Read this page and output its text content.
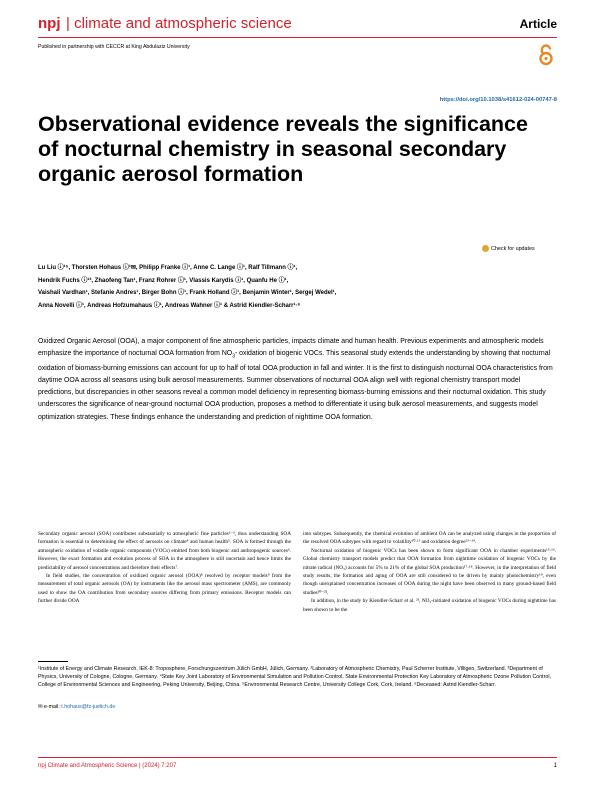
npj | climate and atmospheric science	Article
Published in partnership with CECCR at King Abdulaziz University
https://doi.org/10.1038/s41612-024-00747-8
Observational evidence reveals the significance of nocturnal chemistry in seasonal secondary organic aerosol formation
Check for updates
Lu Liu ⓘ¹⁵, Thorsten Hohaus ⓘ¹✉, Philipp Franke ⓘ¹, Anne C. Lange ⓘ¹, Ralf Tillmann ⓘ¹,
Hendrik Fuchs ⓘ¹³, Zhaofeng Tan¹, Franz Rohrer ⓘ¹, Vlassis Karydis ⓘ¹, Quanfu He ⓘ¹,
Vaishali Vardhan¹, Stefanie Andres¹, Birger Bohn ⓘ¹, Frank Holland ⓘ¹, Benjamin Winter¹, Sergej Wedel¹,
Anna Novelli ⓘ¹, Andreas Hofzumahaus ⓘ¹, Andreas Wahner ⓘ¹ & Astrid Kiendler-Scharr¹·⁶

Oxidized Organic Aerosol (OOA), a major component of fine atmospheric particles, impacts climate and human health. Previous experiments and atmospheric models emphasize the importance of nocturnal OOA formation from $NO_3-$ oxidation of biogenic VOCs. This seasonal study extends the understanding by showing that nocturnal oxidation of biomass-burning emissions can account for up to half of total OOA production in fall and winter. It is the first to distinguish nocturnal OOA characteristics from daytime OOA across all seasons using bulk aerosol measurements. Summer observations of nocturnal OOA align well with regional chemistry transport model predictions, but discrepancies in other seasons reveal a common model deficiency in representing biomass-burning emissions and their nocturnal oxidation. This study underscores the significance of near-ground nocturnal OOA production, proposes a method to differentiate it using bulk aerosol measurements, and suggests model optimization strategies. These findings enhance the understanding and prediction of nighttime OOA formation.

Secondary organic aerosol (SOA) contributes substantially to atmospheric fine particles¹⁻³, thus understanding SOA formation is essential to determining the effect of aerosols on climate⁴ and human health⁵. SOA is formed through the atmospheric oxidation of volatile organic compounds (VOCs) emitted from both biogenic and anthropogenic sources⁶. However, the exact formation and evolution process of SOA in the atmosphere is still uncertain and hence limits the predictability of aerosol concentrations and therefore their effects⁷.

In field studies, the concentration of oxidized organic aerosol (OOA)⁸ resolved by receptor models⁹ from the measurement of total organic aerosols (OA) by instruments like the aerosol mass spectrometer (AMS), are commonly used to show the OA contribution from secondary sources differing from primary emissions. Receptor models can further divide OOA

into subtypes. Subsequently, the chemical evolution of ambient OA can be analyzed using changes in the proportion of the resolved OOA subtypes with regard to volatility¹⁰·¹¹ and oxidation degree¹²⁻¹⁴.

Nocturnal oxidation of biogenic VOCs has been shown to form significant OOA in chamber experiments¹⁵·¹⁶. Global chemistry transport models predict that OOA formation from nighttime oxidation of biogenic VOCs by the nitrate radical (NO₃) accounts for 5% to 21% of the global SOA production¹⁷·¹⁸. However, in the interpretation of field study results, the formation and aging of OOA are still considered to be driven by mainly photochemistry¹⁹, even though unexplained concentration increases of OOA during the night have been observed in many ground-based field studies²⁰⁻²².

In addition, in the study by Kiendler-Scharr et al. ²³, NO₃-initiated oxidation of biogenic VOCs during nighttime has been shown to be the

¹Institute of Energy and Climate Research, IEK-8: Troposphere, Forschungszentrum Jülich GmbH, Jülich, Germany. ²Laboratory of Atmospheric Chemistry, Paul Scherrer Institute, Villigen, Switzerland. ³Department of Physics, University of Cologne, Cologne, Germany. ⁴State Key Joint Laboratory of Environmental Simulation and Pollution Control, State Environmental Protection Key Laboratory of Atmospheric Ozone Pollution Control, College of Environmental Sciences and Engineering, Peking University, Beijing, China. ⁵Environmental Research Centre, University College Cork, Cork, Ireland. ⁶Deceased: Astrid Kiendler-Scharr.

✉ e-mail: t.hohaus@fz-juelich.de
npj Climate and Atmospheric Science | (2024) 7:207	1
